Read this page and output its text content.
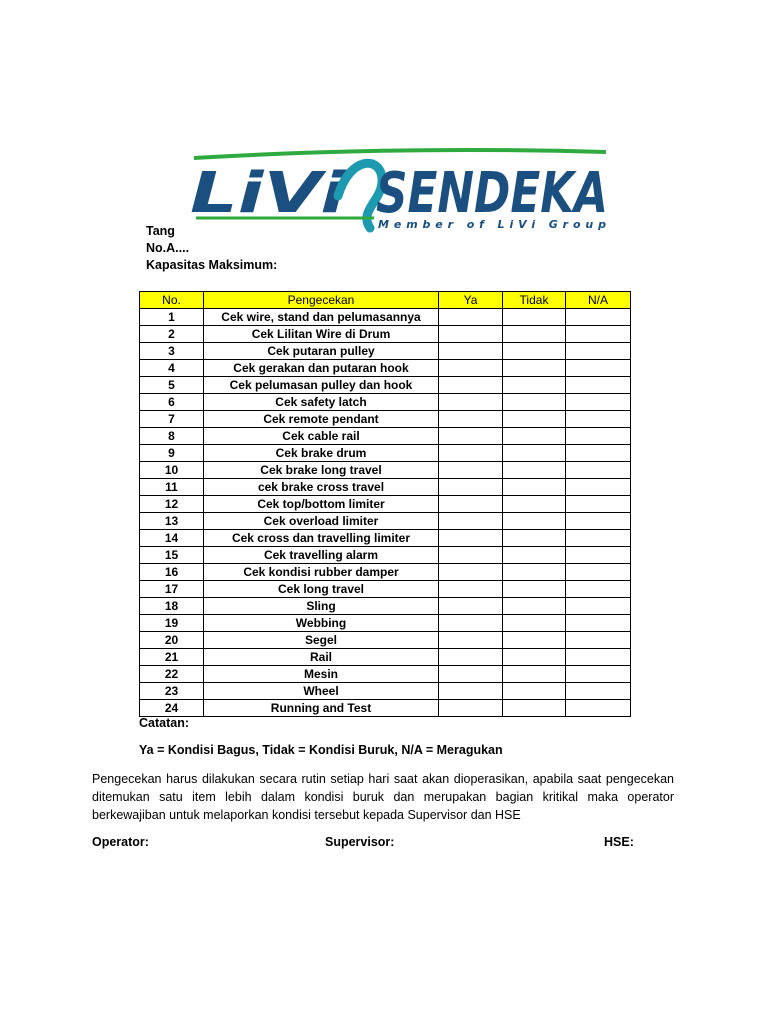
LiVi SENDEKA
Member of LiVi Group
Tang
No.A....
Kapasitas Maksimum:
No.	Pengecekan	Ya	Tidak	N/A
1	Cek wire, stand dan pelumasannya			
2	Cek Lilitan Wire di Drum			
3	Cek putaran pulley			
4	Cek gerakan dan putaran hook			
5	Cek pelumasan pulley dan hook			
6	Cek safety latch			
7	Cek remote pendant			
8	Cek cable rail			
9	Cek brake drum			
10	Cek brake long travel			
11	cek brake cross travel			
12	Cek top/bottom limiter			
13	Cek overload limiter			
14	Cek cross dan travelling limiter			
15	Cek travelling alarm			
16	Cek kondisi rubber damper			
17	Cek long travel			
18	Sling			
19	Webbing			
20	Segel			
21	Rail			
22	Mesin			
23	Wheel			
24	Running and Test			
Catatan:
Ya = Kondisi Bagus, Tidak = Kondisi Buruk, N/A = Meragukan
Pengecekan harus dilakukan secara rutin setiap hari saat akan dioperasikan, apabila saat pengecekan ditemukan satu item lebih dalam kondisi buruk dan merupakan bagian kritikal maka operator berkewajiban untuk melaporkan kondisi tersebut kepada Supervisor dan HSE
Operator:	Supervisor:	HSE:
